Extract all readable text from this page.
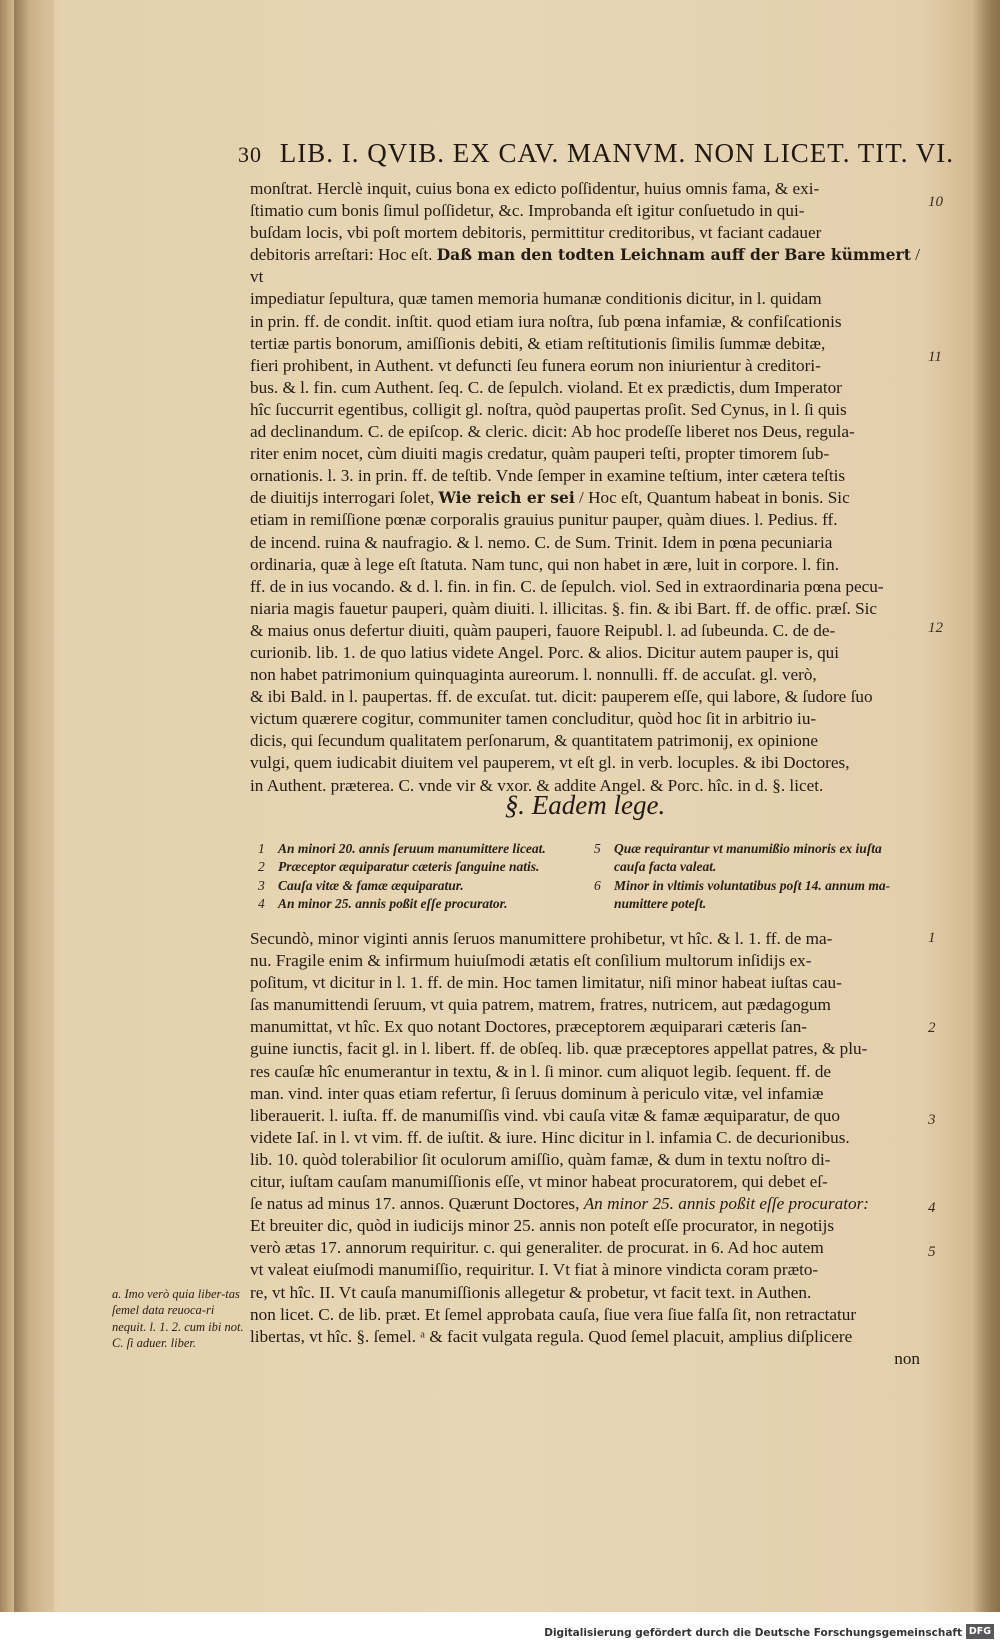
30 LIB. I. QVIB. EX CAV. MANVM. NON LICET. TIT. VI.

monſtrat. Herclè inquit, cuius bona ex edicto poſſidentur, huius omnis fama, & exi-

ſtimatio cum bonis ſimul poſſidetur, &c. Improbanda eſt igitur conſuetudo in qui-

buſdam locis, vbi poſt mortem debitoris, permittitur creditoribus, vt faciant cadauer

debitoris arreſtari: Hoc eſt. Daß man den todten Leichnam auff der Bare kümmert / vt

impediatur ſepultura, quæ tamen memoria humanæ conditionis dicitur, in l. quidam

in prin. ff. de condit. inſtit. quod etiam iura noſtra, ſub pœna infamiæ, & confiſcationis

tertiæ partis bonorum, amiſſionis debiti, & etiam reſtitutionis ſimilis ſummæ debitæ,

fieri prohibent, in Authent. vt defuncti ſeu funera eorum non iniurientur à creditori-

bus. & l. fin. cum Authent. ſeq. C. de ſepulch. violand. Et ex prædictis, dum Imperator

hîc ſuccurrit egentibus, colligit gl. noſtra, quòd paupertas proſit. Sed Cynus, in l. ſi quis

ad declinandum. C. de epiſcop. & cleric. dicit: Ab hoc prodeſſe liberet nos Deus, regula-

riter enim nocet, cùm diuiti magis credatur, quàm pauperi teſti, propter timorem ſub-

ornationis. l. 3. in prin. ff. de teſtib. Vnde ſemper in examine teſtium, inter cætera teſtis

de diuitijs interrogari ſolet, Wie reich er sei / Hoc eſt, Quantum habeat in bonis. Sic

etiam in remiſſione pœnæ corporalis grauius punitur pauper, quàm diues. l. Pedius. ff.

de incend. ruina & naufragio. & l. nemo. C. de Sum. Trinit. Idem in pœna pecuniaria

ordinaria, quæ à lege eſt ſtatuta. Nam tunc, qui non habet in ære, luit in corpore. l. fin.

ff. de in ius vocando. & d. l. fin. in fin. C. de ſepulch. viol. Sed in extraordinaria pœna pecu-

niaria magis fauetur pauperi, quàm diuiti. l. illicitas. §. fin. & ibi Bart. ff. de offic. præſ. Sic

& maius onus defertur diuiti, quàm pauperi, fauore Reipubl. l. ad ſubeunda. C. de de-

curionib. lib. 1. de quo latius videte Angel. Porc. & alios. Dicitur autem pauper is, qui

non habet patrimonium quinquaginta aureorum. l. nonnulli. ff. de accuſat. gl. verò,

& ibi Bald. in l. paupertas. ff. de excuſat. tut. dicit: pauperem eſſe, qui labore, & ſudore ſuo

victum quærere cogitur, communiter tamen concluditur, quòd hoc ſit in arbitrio iu-

dicis, qui ſecundum qualitatem perſonarum, & quantitatem patrimonij, ex opinione

vulgi, quem iudicabit diuitem vel pauperem, vt eſt gl. in verb. locuples. & ibi Doctores,

in Authent. præterea. C. vnde vir & vxor. & addite Angel. & Porc. hîc. in d. §. licet.

10
11
12
§. Eadem lege.
1 An minori 20. annis ſeruum manumittere liceat.
2 Præceptor æquiparatur cæteris ſanguine natis.
3 Cauſa vitæ & famæ æquiparatur.
4 An minor 25. annis poßit eſſe procurator.
5 Quæ requirantur vt manumißio minoris ex iuſta
cauſa facta valeat.
6 Minor in vltimis voluntatibus poſt 14. annum ma-
numittere poteſt.

Secundò, minor viginti annis ſeruos manumittere prohibetur, vt hîc. & l. 1. ff. de ma-

nu. Fragile enim & infirmum huiuſmodi ætatis eſt conſilium multorum inſidijs ex-

poſitum, vt dicitur in l. 1. ff. de min. Hoc tamen limitatur, niſi minor habeat iuſtas cau-

ſas manumittendi ſeruum, vt quia patrem, matrem, fratres, nutricem, aut pædagogum

manumittat, vt hîc. Ex quo notant Doctores, præceptorem æquiparari cæteris ſan-

guine iunctis, facit gl. in l. libert. ff. de obſeq. lib. quæ præceptores appellat patres, & plu-

res cauſæ hîc enumerantur in textu, & in l. ſi minor. cum aliquot legib. ſequent. ff. de

man. vind. inter quas etiam refertur, ſi ſeruus dominum à periculo vitæ, vel infamiæ

liberauerit. l. iuſta. ff. de manumiſſis vind. vbi cauſa vitæ & famæ æquiparatur, de quo

videte Iaſ. in l. vt vim. ff. de iuſtit. & iure. Hinc dicitur in l. infamia C. de decurionibus.

lib. 10. quòd tolerabilior ſit oculorum amiſſio, quàm famæ, & dum in textu noſtro di-

citur, iuſtam cauſam manumiſſionis eſſe, vt minor habeat procuratorem, qui debet eſ-

ſe natus ad minus 17. annos. Quærunt Doctores, An minor 25. annis poßit eſſe procurator:

Et breuiter dic, quòd in iudicijs minor 25. annis non poteſt eſſe procurator, in negotijs

verò ætas 17. annorum requiritur. c. qui generaliter. de procurat. in 6. Ad hoc autem

vt valeat eiuſmodi manumiſſio, requiritur. I. Vt fiat à minore vindicta coram præto-

re, vt hîc. II. Vt cauſa manumiſſionis allegetur & probetur, vt facit text. in Authen.

non licet. C. de lib. præt. Et ſemel approbata cauſa, ſiue vera ſiue falſa ſit, non retractatur

libertas, vt hîc. §. ſemel. ᵃ & facit vulgata regula. Quod ſemel placuit, amplius diſplicere

non

1
2
3
4
5
a. Imo verò quia liber-tas ſemel data reuoca-ri nequit. l. 1. 2. cum ibi not. C. ſi aduer. liber.
Digitalisierung gefördert durch die Deutsche Forschungsgemeinschaft DFG
